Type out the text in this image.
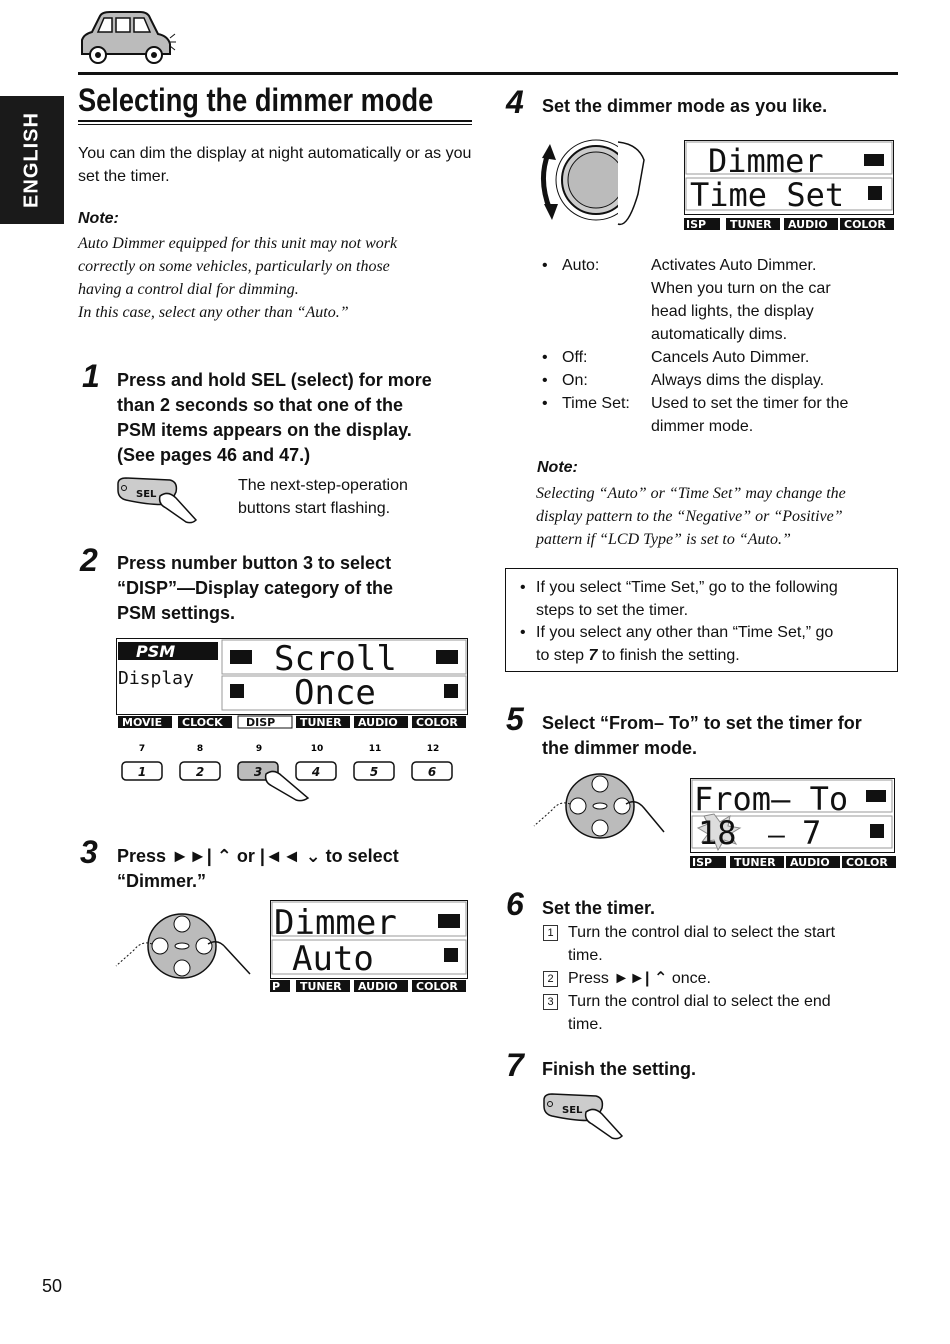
ENGLISH
Selecting the dimmer mode
You can dim the display at night automatically or as you set the timer.
Note:
Auto Dimmer equipped for this unit may not work
correctly on some vehicles, particularly on those
having a control dial for dimming.
In this case, select any other than “Auto.”
1 Press and hold SEL (select) for more
than 2 seconds so that one of the
PSM items appears on the display.
(See pages 46 and 47.)
SEL
The next-step-operation
buttons start flashing.
2 Press number button 3 to select
“DISP”—Display category of the
PSM settings.
PSM
Display Scroll
Once
MOVIE CLOCK DISP TUNER AUDIO COLOR
7	8	9	10	11	12
1	2	3	4	5	6
3 Press ►►| ⌃ or |◄◄ ⌄ to select
“Dimmer.”
Dimmer
Auto
P TUNER AUDIO COLOR
4 Set the dimmer mode as you like.
Dimmer
Time Set
ISP TUNER AUDIO COLOR
• Auto:	Activates Auto Dimmer.
When you turn on the car
head lights, the display
automatically dims.
• Off:	Cancels Auto Dimmer.
• On:	Always dims the display.
• Time Set: Used to set the timer for the
dimmer mode.
Note:
Selecting “Auto” or “Time Set” may change the
display pattern to the “Negative” or “Positive”
pattern if “LCD Type” is set to “Auto.”
• If you select “Time Set,” go to the following
steps to set the timer.
• If you select any other than “Time Set,” go
to step 7 to finish the setting.
5 Select “From– To” to set the timer for
the dimmer mode.
From– To
18 – 7
ISP TUNER AUDIO COLOR
6 Set the timer.
1 Turn the control dial to select the start
time.
2 Press ►►| ⌃ once.
3 Turn the control dial to select the end
time.
7 Finish the setting.
SEL
50
